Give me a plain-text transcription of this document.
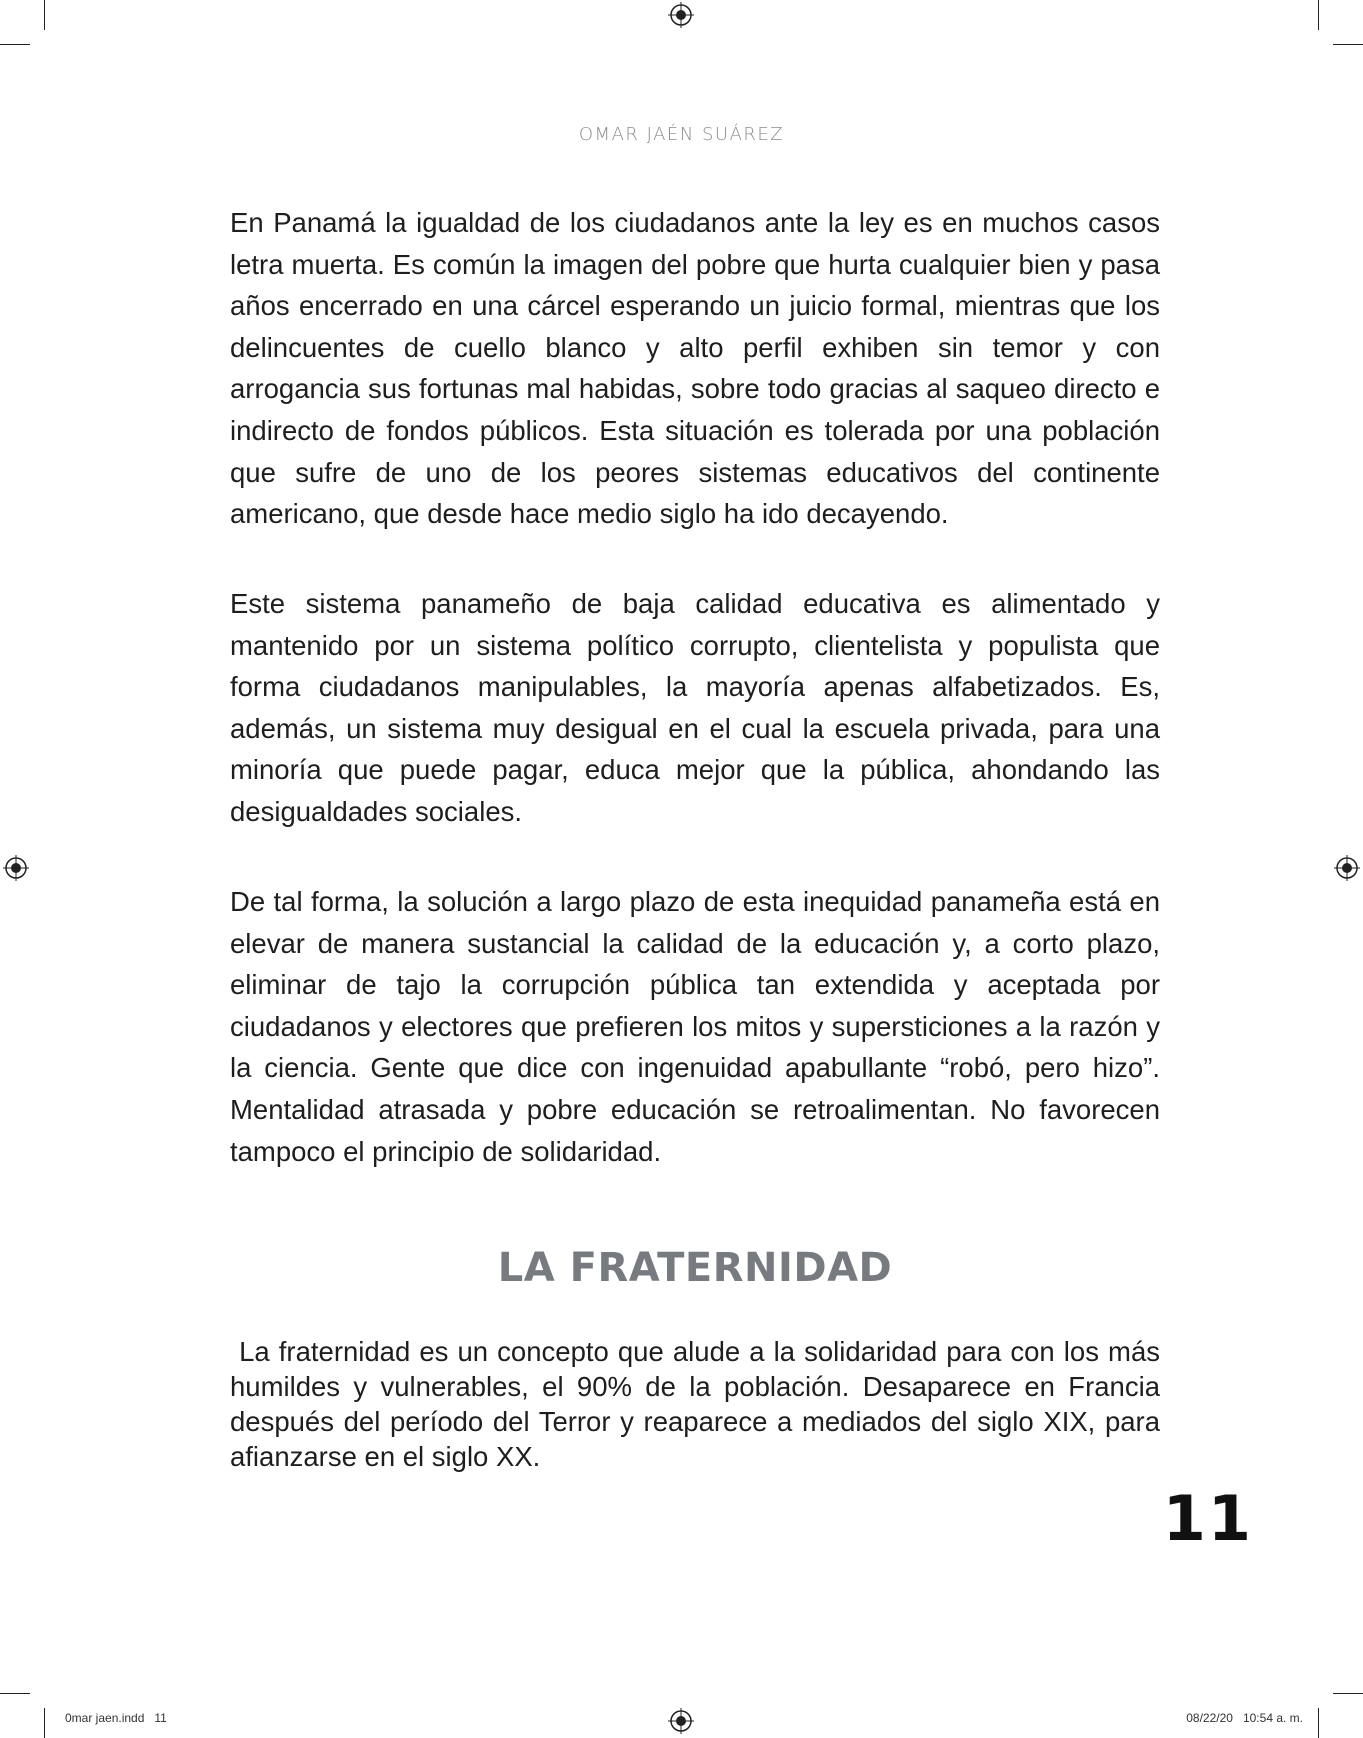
OMAR JAÉN SUÁREZ

En Panamá la igualdad de los ciudadanos ante la ley es en muchos casos letra muerta. Es común la imagen del pobre que hurta cualquier bien y pasa años encerrado en una cárcel esperando un juicio formal, mientras que los delincuentes de cuello blanco y alto perfil exhiben sin temor y con arrogancia sus fortunas mal habidas, sobre todo gracias al saqueo directo e indirecto de fondos públicos. Esta situación es tolerada por una población que sufre de uno de los peores sistemas educativos del continente americano, que desde hace medio siglo ha ido decayendo.

Este sistema panameño de baja calidad educativa es alimentado y mantenido por un sistema político corrupto, clientelista y populista que forma ciudadanos manipulables, la mayoría apenas alfabetizados. Es, además, un sistema muy desigual en el cual la escuela privada, para una minoría que puede pagar, educa mejor que la pública, ahondando las desigualdades sociales.

De tal forma, la solución a largo plazo de esta inequidad panameña está en elevar de manera sustancial la calidad de la educación y, a corto plazo, eliminar de tajo la corrupción pública tan extendida y aceptada por ciudadanos y electores que prefieren los mitos y supersticiones a la razón y la ciencia. Gente que dice con ingenuidad apabullante “robó, pero hizo”. Mentalidad atrasada y pobre educación se retroalimentan. No favorecen tampoco el principio de solidaridad.

LA FRATERNIDAD

La fraternidad es un concepto que alude a la solidaridad para con los más humildes y vulnerables, el 90% de la población. Desaparece en Francia después del período del Terror y reaparece a mediados del siglo XIX, para afianzarse en el siglo XX.

11
0mar jaen.indd   11	08/22/20   10:54 a. m.
